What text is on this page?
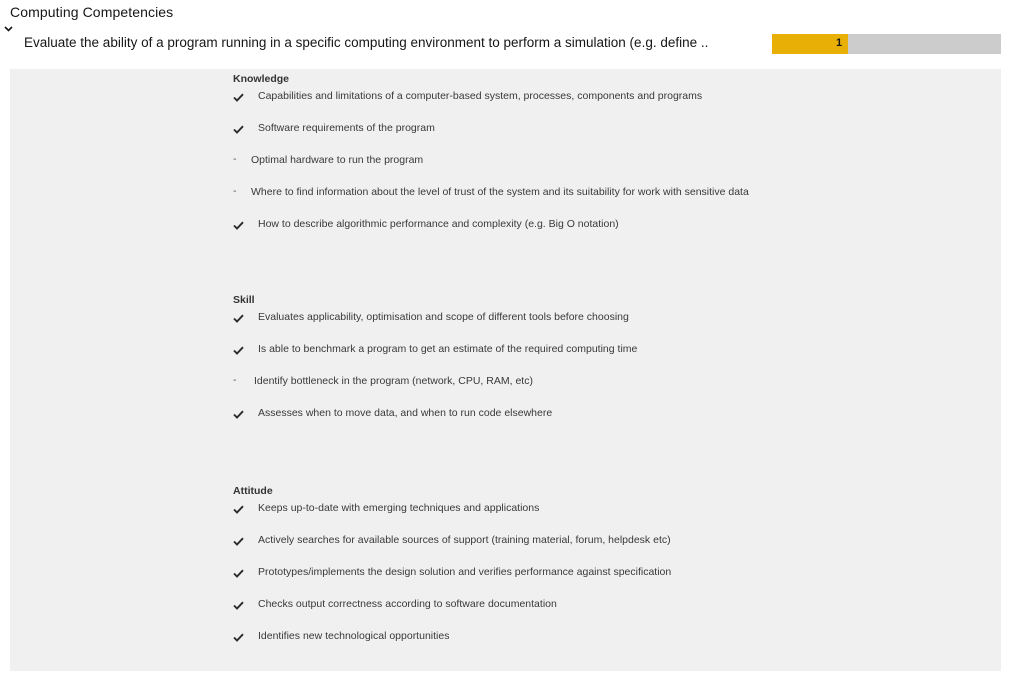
Computing Competencies
Evaluate the ability of a program running in a specific computing environment to perform a simulation (e.g. define ..	1
Knowledge
Capabilities and limitations of a computer-based system, processes, components and programs
Software requirements of the program
-	Optimal hardware to run the program
-	Where to find information about the level of trust of the system and its suitability for work with sensitive data
How to describe algorithmic performance and complexity (e.g. Big O notation)
Skill
Evaluates applicability, optimisation and scope of different tools before choosing
Is able to benchmark a program to get an estimate of the required computing time
-	Identify bottleneck in the program (network, CPU, RAM, etc)
Assesses when to move data, and when to run code elsewhere
Attitude
Keeps up-to-date with emerging techniques and applications
Actively searches for available sources of support (training material, forum, helpdesk etc)
Prototypes/implements the design solution and verifies performance against specification
Checks output correctness according to software documentation
Identifies new technological opportunities
